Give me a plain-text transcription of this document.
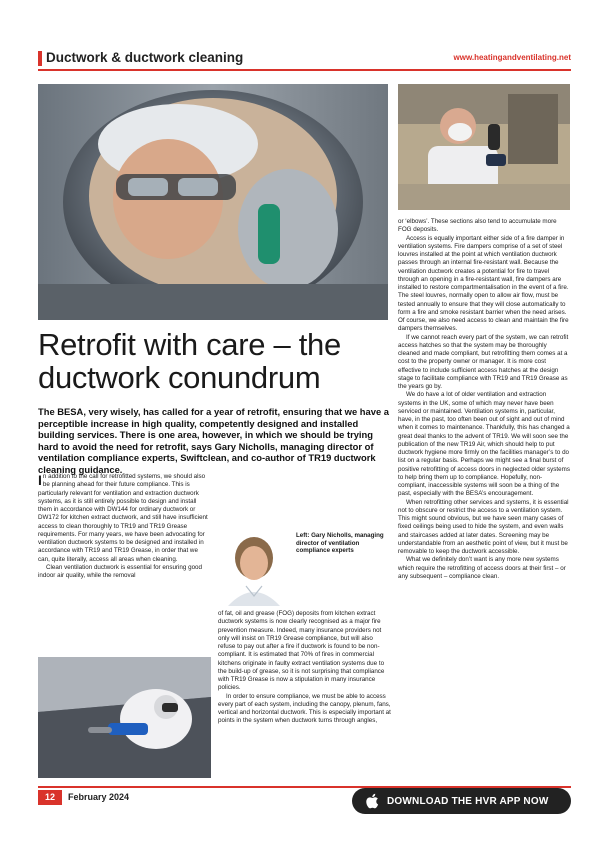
Ductwork & ductwork cleaning	www.heatingandventilating.net
Retrofit with care – the ductwork conundrum
The BESA, very wisely, has called for a year of retrofit, ensuring that we have a perceptible increase in high quality, competently designed and installed building services. There is one area, however, in which we should be trying hard to avoid the need for retrofit, says Gary Nicholls, managing director of ventilation compliance experts, Swiftclean, and co-author of TR19 ductwork cleaning guidance.

In addition to the call for retrofitted systems, we should also be planning ahead for their future compliance. This is particularly relevant for ventilation and extraction ductwork systems, as it is still entirely possible to design and install them in accordance with DW144 for ordinary ductwork or DW172 for kitchen extract ductwork, and still have insufficient access to clean thoroughly to TR19 and TR19 Grease requirements. For many years, we have been advocating for ventilation ductwork systems to be designed and installed in accordance with TR19 and TR19 Grease, in order that we can, quite literally, access all areas when cleaning.

Clean ventilation ductwork is essential for ensuring good indoor air quality, while the removal

Left: Gary Nicholls, managing director of ventilation compliance experts

of fat, oil and grease (FOG) deposits from kitchen extract ductwork systems is now clearly recognised as a major fire prevention measure. Indeed, many insurance providers not only will insist on TR19 Grease compliance, but will also refuse to pay out after a fire if ductwork is found to be non-compliant. It is estimated that 70% of fires in commercial kitchens originate in faulty extract ventilation systems due to the build-up of grease, so it is not surprising that compliance with TR19 Grease is now a stipulation in many insurance policies.

In order to ensure compliance, we must be able to access every part of each system, including the canopy, plenum, fans, vertical and horizontal ductwork. This is especially important at points in the system when ductwork turns through angles,

or ‘elbows’. These sections also tend to accumulate more FOG deposits.

Access is equally important either side of a fire damper in ventilation systems. Fire dampers comprise of a set of steel louvres installed at the point at which ventilation ductwork passes through an internal fire-resistant wall. Because the ventilation ductwork creates a potential for fire to travel through an opening in a fire-resistant wall, fire dampers are installed to restore compartmentalisation in the event of a fire. The steel louvres, normally open to allow air flow, must be tested annually to ensure that they will close automatically to form a fire and smoke resistant barrier when the need arises. Of course, we also need access to clean and maintain the fire dampers themselves.

If we cannot reach every part of the system, we can retrofit access hatches so that the system may be thoroughly cleaned and made compliant, but retrofitting them comes at a cost to the property owner or manager. It is more cost effective to include sufficient access hatches at the design stage to facilitate compliance with TR19 and TR19 Grease as the years go by.

We do have a lot of older ventilation and extraction systems in the UK, some of which may never have been serviced or maintained. Ventilation systems in, particular, have, in the past, too often been out of sight and out of mind when it comes to maintenance. Thankfully, this has changed a great deal thanks to the advent of TR19. We will soon see the publication of the new TR19 Air, which should help to put ductwork hygiene more firmly on the facilities manager’s to do list on a regular basis. Perhaps we might see a final burst of positive retrofitting of access doors in neglected older systems to help bring them up to compliance. Hopefully, non-compliant, inaccessible systems will soon be a thing of the past, especially with the BESA’s encouragement.

When retrofitting other services and systems, it is essential not to obscure or restrict the access to a ventilation system. This might sound obvious, but we have seen many cases of fixed ceilings being used to hide the system, and even walls and staircases added at later dates. Screening may be understandable from an aesthetic point of view, but it must be removable to keep the ductwork accessible.

What we definitely don’t want is any more new systems which require the retrofitting of access doors at their first – or any subsequent – compliance clean.

12	February 2024	DOWNLOAD THE HVR APP NOW
